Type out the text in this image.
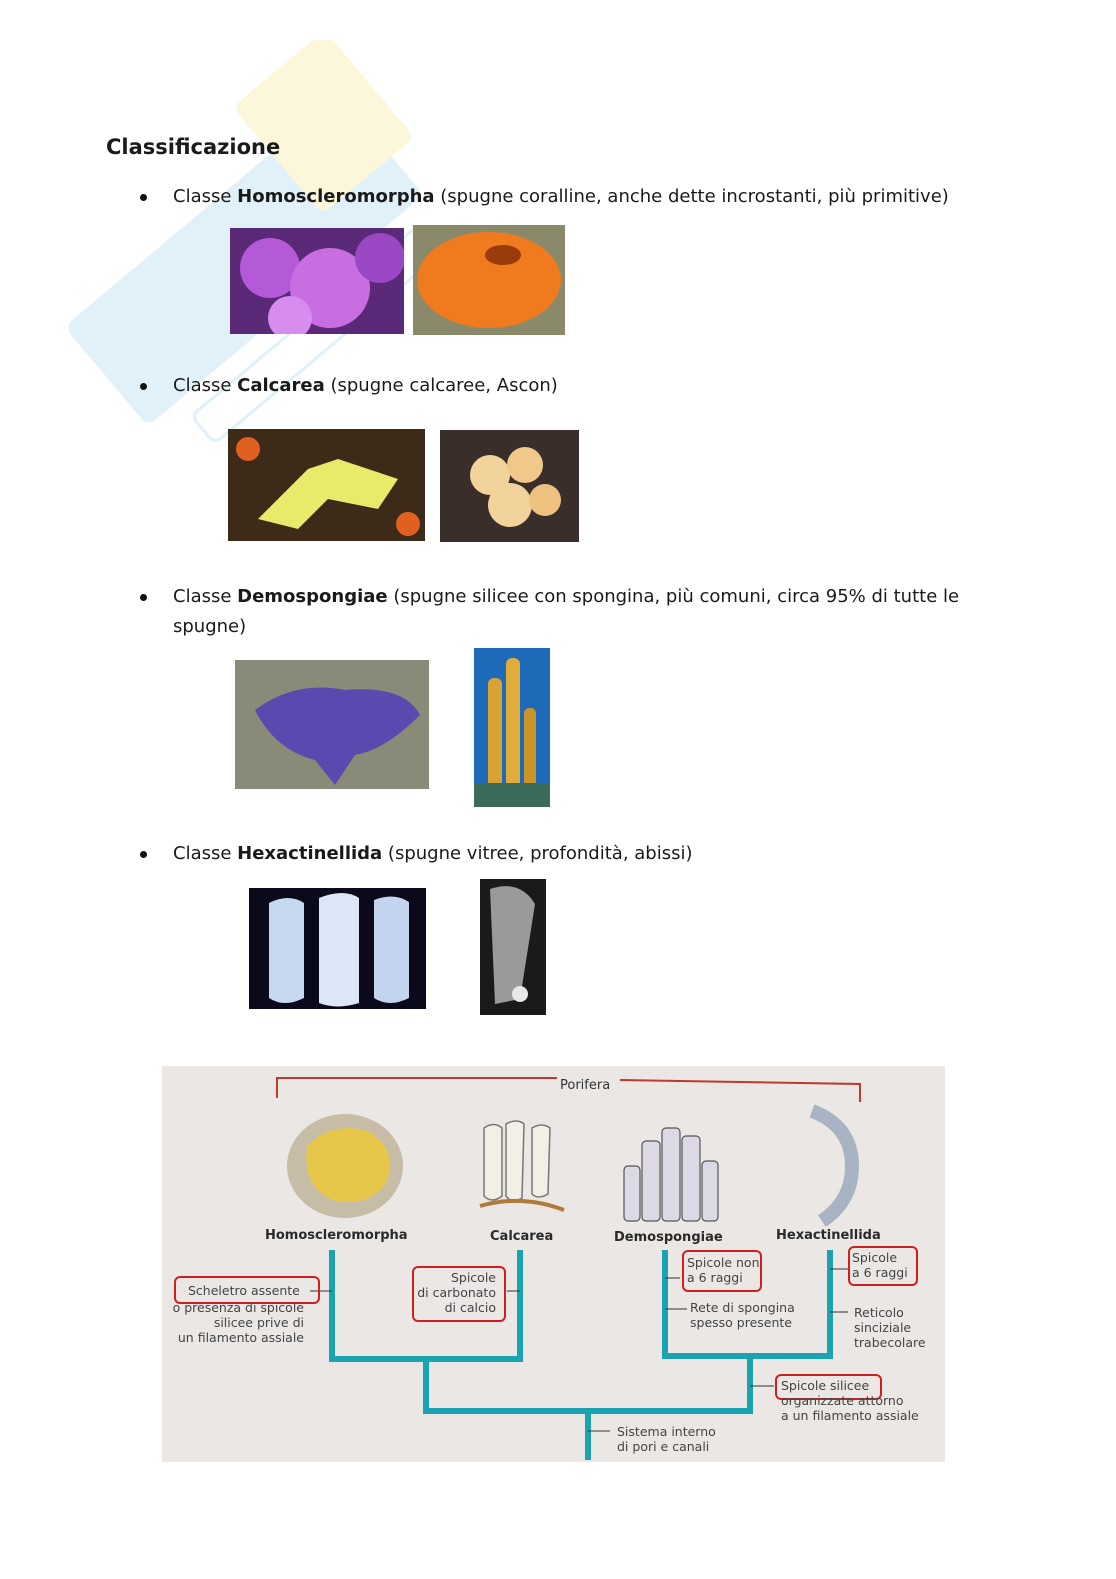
Classificazione
Classe Homoscleromorpha (spugne coralline, anche dette incrostanti, più primitive)
Classe Calcarea (spugne calcaree, Ascon)
Classe Demospongiae (spugne silicee con spongina, più comuni, circa 95% di tutte le spugne)
Classe Hexactinellida (spugne vitree, profondità, abissi)
Porifera
Homoscleromorpha	Calcarea	Demospongiae	Hexactinellida
Scheletro assente
o presenza di spicole
silicee prive di
un filamento assiale
Spicole
di carbonato
di calcio
Spicole non
a 6 raggi
Rete di spongina
spesso presente
Spicole
a 6 raggi
Reticolo
sinciziale
trabecolare
Spicole silicee
organizzate attorno
a un filamento assiale
Sistema interno
di pori e canali
